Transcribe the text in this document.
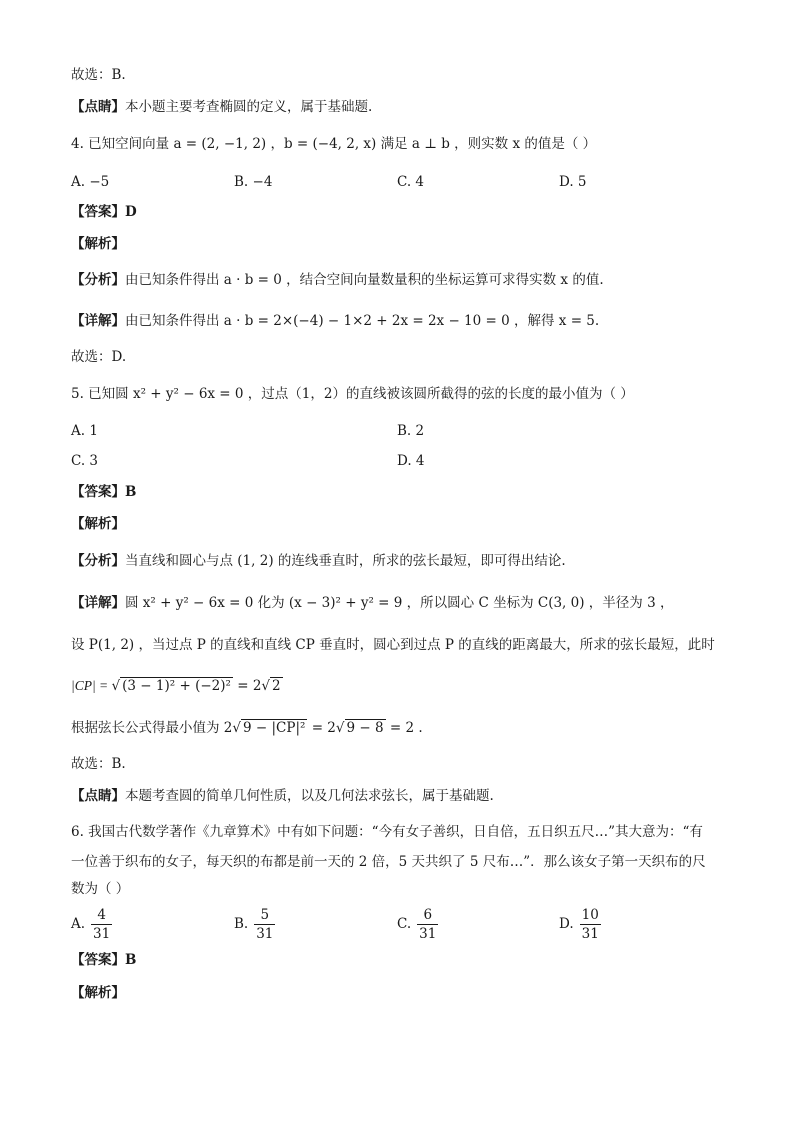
故选：B.
【点睛】本小题主要考查椭圆的定义，属于基础题.
4. 已知空间向量 a = (2, −1, 2) ，b = (−4, 2, x) 满足 a ⊥ b ，则实数 x 的值是（ ）
A. −5	B. −4	C. 4	D. 5
【答案】D
【解析】
【分析】由已知条件得出 a · b = 0 ，结合空间向量数量积的坐标运算可求得实数 x 的值.
【详解】由已知条件得出 a · b = 2×(−4) − 1×2 + 2x = 2x − 10 = 0 ，解得 x = 5.
故选：D.
5. 已知圆 x² + y² − 6x = 0 ，过点（1，2）的直线被该圆所截得的弦的长度的最小值为（ ）
A. 1	B. 2
C. 3	D. 4
【答案】B
【解析】
【分析】当直线和圆心与点 (1, 2) 的连线垂直时，所求的弦长最短，即可得出结论.
【详解】圆 x² + y² − 6x = 0 化为 (x − 3)² + y² = 9 ，所以圆心 C 坐标为 C(3, 0) ，半径为 3 ，
设 P(1, 2) ，当过点 P 的直线和直线 CP 垂直时，圆心到过点 P 的直线的距离最大，所求的弦长最短，此时
|CP| = √ (3 − 1)² + (−2)² = 2√ 2
根据弦长公式得最小值为 2√ 9 − |CP|² = 2√ 9 − 8 = 2 .
故选：B.
【点睛】本题考查圆的简单几何性质，以及几何法求弦长，属于基础题.
6. 我国古代数学著作《九章算术》中有如下问题：“今有女子善织，日自倍，五日织五尺…”其大意为：“有
一位善于织布的女子，每天织的布都是前一天的 2 倍，5 天共织了 5 尺布…”．那么该女子第一天织布的尺
数为（ ）
A. $\frac{4}{31}$	B. $\frac{5}{31}$	C. $\frac{6}{31}$	D. $\frac{10}{31}$
【答案】B
【解析】
